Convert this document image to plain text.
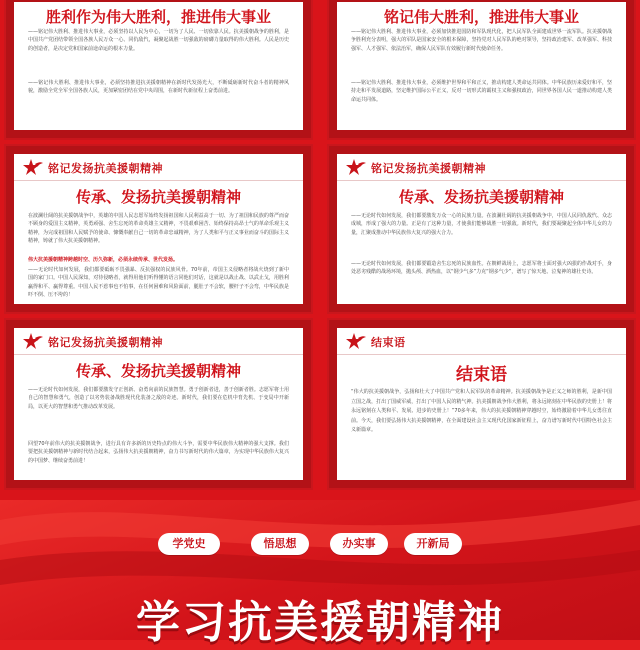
胜利作为伟大胜利，推进伟大事业
——铭记伟大胜利、推进伟大事业，必须坚持以人民为中心，一切为了人民、一切依靠人民。抗美援朝战争的胜利，是中国共产党团结带领全国各族人民万众一心、同仇敌忾，凝聚起战胜一切强敌的磅礴力量取得的伟大胜利。人民是历史的创造者，是决定党和国家前途命运的根本力量。
——铭记伟大胜利、推进伟大事业，必须坚持推进抗美援朝精神在新时代发扬光大，不断砥砺新时代奋斗者的精神风貌，激励全党全军全国各族人民，更加紧密团结在党中央周围，在新时代新征程上奋勇前进。
铭记伟大胜利，推进伟大事业
——铭记伟大胜利、推进伟大事业，必须加快推进国防和军队现代化，把人民军队全面建成世界一流军队。抗美援朝战争胜利充分表明，强大的军队是国家安全的根本保障，坚持党对人民军队的绝对领导，坚持政治建军、改革强军、科技强军、人才强军、依法治军，确保人民军队有效履行新时代使命任务。
——铭记伟大胜利、推进伟大事业，必须维护世界和平和正义，推动构建人类命运共同体。中华民族历来爱好和平，坚持走和平发展道路，坚定维护国际公平正义，反对一切形式的霸权主义和强权政治，同世界各国人民一道推动构建人类命运共同体。
铭记发扬抗美援朝精神
传承、发扬抗美援朝精神
在波澜壮阔的抗美援朝战争中，英雄的中国人民志愿军始终发扬祖国和人民利益高于一切、为了祖国和民族的尊严而奋不顾身的爱国主义精神，英勇顽强、舍生忘死的革命英雄主义精神，不畏艰难困苦、始终保持高昂士气的革命乐观主义精神，为完成祖国和人民赋予的使命、慷慨奉献自己一切的革命忠诚精神，为了人类和平与正义事业而奋斗的国际主义精神，铸就了伟大抗美援朝精神。
伟大抗美援朝精神跨越时空、历久弥新，必须永续传承、世代发扬。
——无论时代如何发展，我们都要砥砺不畏强暴、反抗强权的民族风骨。70年前，帝国主义侵略者将战火烧到了新中国的家门口。中国人民深知，对待侵略者，就得用他们听得懂的语言同他们对话，这就是以战止战、以武止戈，用胜利赢得和平、赢得尊重。中国人民不惹事也不怕事，在任何困难和风险面前，腿肚子不会软，腰杆子不会弯，中华民族是吓不倒、压不垮的！
铭记发扬抗美援朝精神
传承、发扬抗美援朝精神
——无论时代如何发展，我们都要激发万众一心的民族力量。在波澜壮阔的抗美援朝战争中，中国人民同仇敌忾、众志成城，形成了强大的力量。正是有了这种力量，才使我们能够战胜一切强敌。新时代，我们要凝聚起全体中华儿女的力量，汇聚成推动中华民族伟大复兴的强大合力。
——无论时代如何发展，我们都要锻造舍生忘死的民族血性。在朝鲜战场上，志愿军将士面对强大凶狠的作战对手，身处恶劣残酷的战场环境，抛头颅、洒热血，以“钢少气多”力克“钢多气少”，谱写了惊天地、泣鬼神的雄壮史诗。
铭记发扬抗美援朝精神
传承、发扬抗美援朝精神
——无论时代如何发展，我们都要激发守正创新、奋勇向前的民族智慧。勇于创新者进，善于创新者胜。志愿军将士用自己的智慧和勇气，创造了以劣势装备战胜现代化装备之敌的奇迹。新时代，我们要在危机中育先机、于变局中开新局，以更大的智慧和勇气推动改革发展。
回望70年前伟大的抗美援朝战争，进行具有许多新的历史特点的伟大斗争，需要中华民族伟大精神的强大支撑。我们要把抗美援朝精神与新时代结合起来，弘扬伟大抗美援朝精神，奋力书写新时代的伟大篇章，为实现中华民族伟大复兴的中国梦、继续奋勇前进！
结束语
结束语
“伟大的抗美援朝战争，弘扬和壮大了中国共产党和人民军队的革命精神。抗美援朝战争是正义之师的胜利，是新中国立国之战，打出了国威军威，打出了中国人民的精气神。抗美援朝战争伟大胜利，将永远铭刻在中华民族的史册上！将永远铭刻在人类和平、发展、进步的史册上！”70多年来，伟大的抗美援朝精神穿越时空，始终激励着中华儿女勇往直前。今天，我们要弘扬伟大抗美援朝精神，在全面建设社会主义现代化国家新征程上，奋力谱写新时代中国特色社会主义新篇章。
学党史	悟思想	办实事	开新局
学习抗美援朝精神
